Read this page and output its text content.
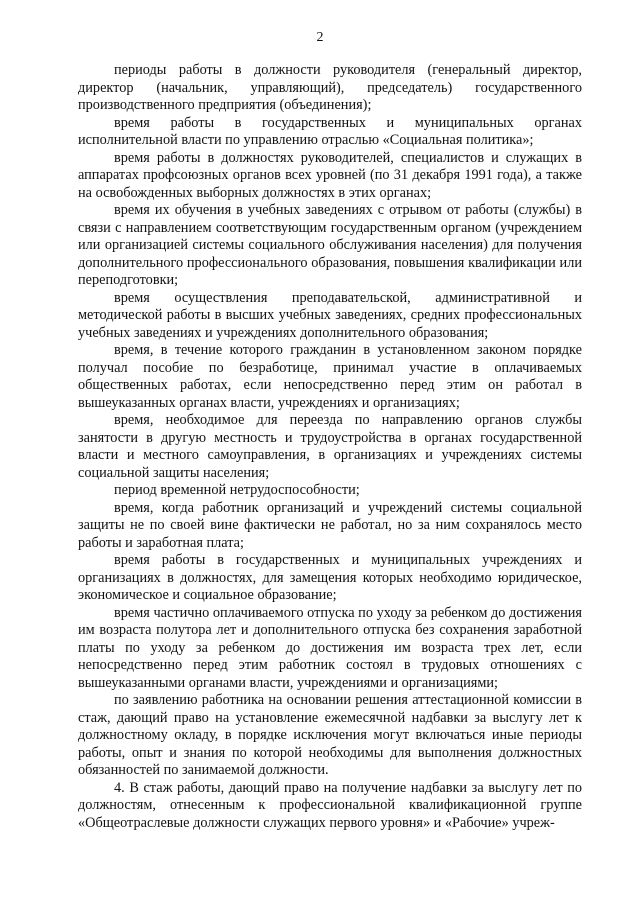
2

периоды работы в должности руководителя (генеральный директор, директор (начальник, управляющий), председатель) государственного производственного предприятия (объединения);

время работы в государственных и муниципальных органах исполнительной власти по управлению отраслью «Социальная политика»;

время работы в должностях руководителей, специалистов и служащих в аппаратах профсоюзных органов всех уровней (по 31 декабря 1991 года), а также на освобожденных выборных должностях в этих органах;

время их обучения в учебных заведениях с отрывом от работы (службы) в связи с направлением соответствующим государственным органом (учреждением или организацией системы социального обслуживания населения) для получения дополнительного профессионального образования, повышения квалификации или переподготовки;

время осуществления преподавательской, административной и методической работы в высших учебных заведениях, средних профессиональных учебных заведениях и учреждениях дополнительного образования;

время, в течение которого гражданин в установленном законом порядке получал пособие по безработице, принимал участие в оплачиваемых общественных работах, если непосредственно перед этим он работал в вышеуказанных органах власти, учреждениях и организациях;

время, необходимое для переезда по направлению органов службы занятости в другую местность и трудоустройства в органах государственной власти и местного самоуправления, в организациях и учреждениях системы социальной защиты населения;

период временной нетрудоспособности;

время, когда работник организаций и учреждений системы социальной защиты не по своей вине фактически не работал, но за ним сохранялось место работы и заработная плата;

время работы в государственных и муниципальных учреждениях и организациях в должностях, для замещения которых необходимо юридическое, экономическое и социальное образование;

время частично оплачиваемого отпуска по уходу за ребенком до достижения им возраста полутора лет и дополнительного отпуска без сохранения заработной платы по уходу за ребенком до достижения им возраста трех лет, если непосредственно перед этим работник состоял в трудовых отношениях с вышеуказанными органами власти, учреждениями и организациями;

по заявлению работника на основании решения аттестационной комиссии в стаж, дающий право на установление ежемесячной надбавки за выслугу лет к должностному окладу, в порядке исключения могут включаться иные периоды работы, опыт и знания по которой необходимы для выполнения должностных обязанностей по занимаемой должности.

4. В стаж работы, дающий право на получение надбавки за выслугу лет по должностям, отнесенным к профессиональной квалификационной группе «Общеотраслевые должности служащих первого уровня» и «Рабочие» учреж-
